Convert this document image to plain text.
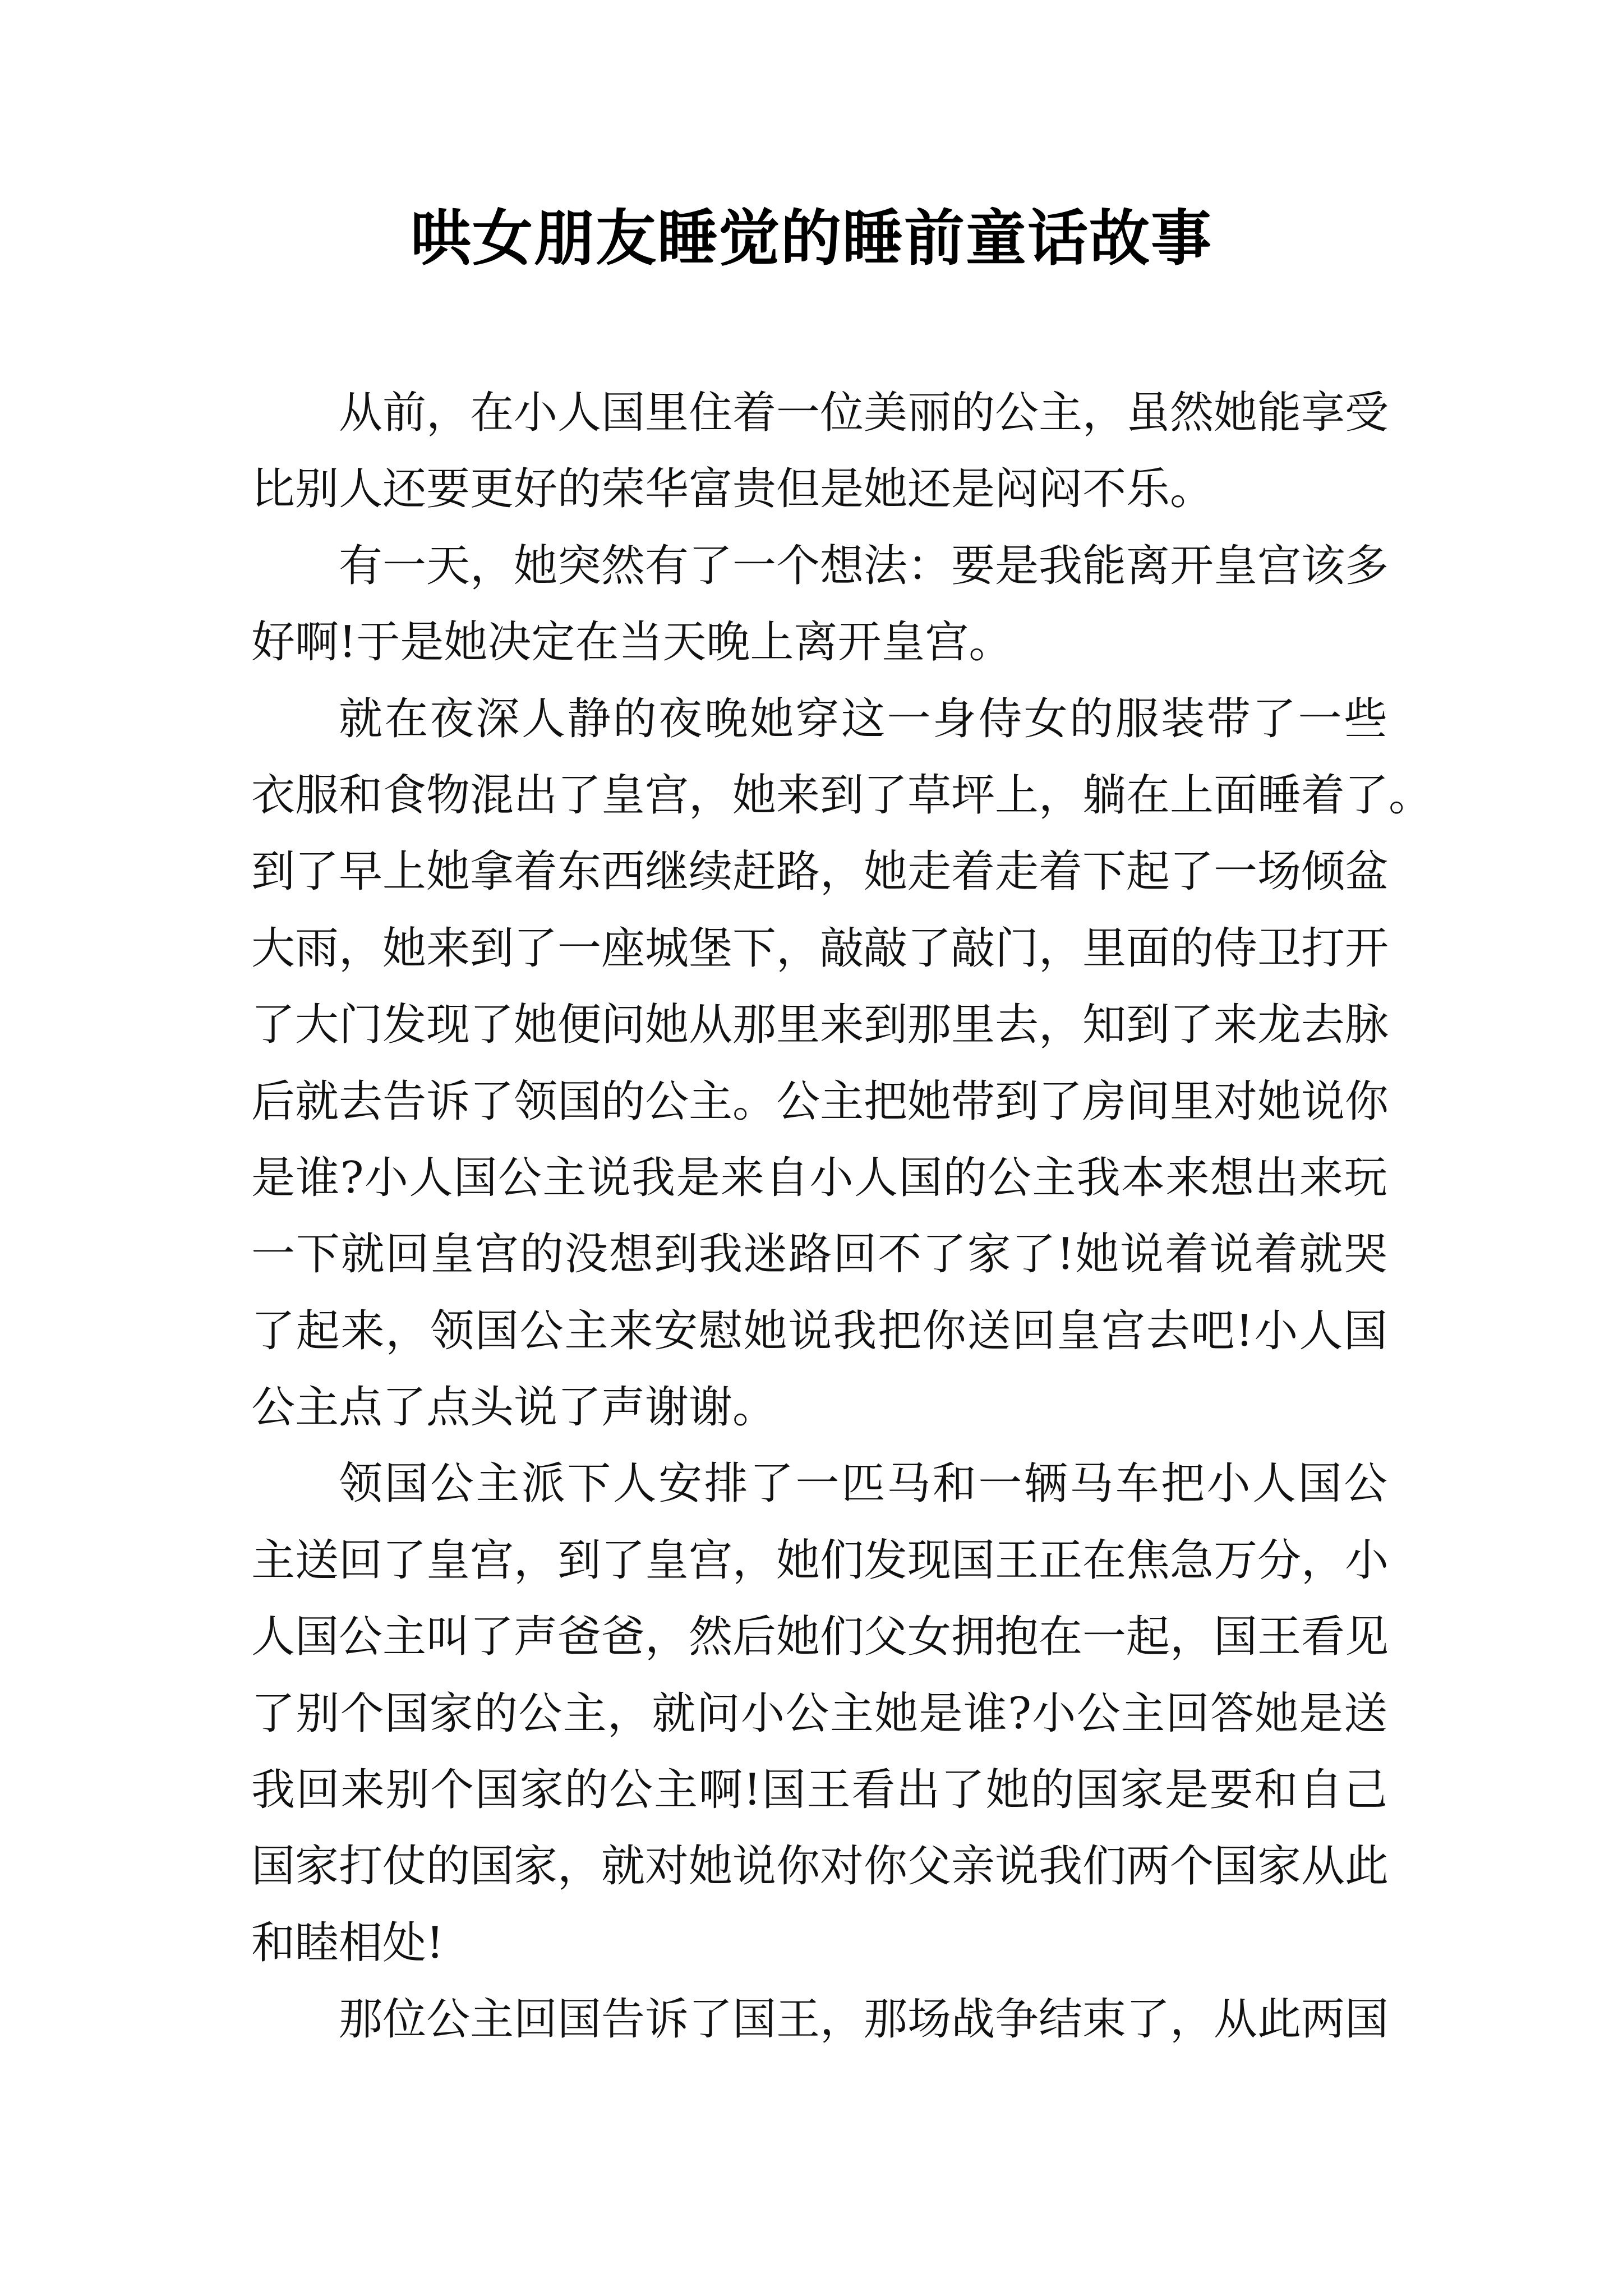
哄女朋友睡觉的睡前童话故事
从前，在小人国里住着一位美丽的公主，虽然她能享受
比别人还要更好的荣华富贵但是她还是闷闷不乐。
有一天，她突然有了一个想法：要是我能离开皇宫该多
好啊!于是她决定在当天晚上离开皇宫。
就在夜深人静的夜晚她穿这一身侍女的服装带了一些
衣服和食物混出了皇宫，她来到了草坪上，躺在上面睡着了。
到了早上她拿着东西继续赶路，她走着走着下起了一场倾盆
大雨，她来到了一座城堡下，敲敲了敲门，里面的侍卫打开
了大门发现了她便问她从那里来到那里去，知到了来龙去脉
后就去告诉了领国的公主。公主把她带到了房间里对她说你
是谁?小人国公主说我是来自小人国的公主我本来想出来玩
一下就回皇宫的没想到我迷路回不了家了!她说着说着就哭
了起来，领国公主来安慰她说我把你送回皇宫去吧!小人国
公主点了点头说了声谢谢。
领国公主派下人安排了一匹马和一辆马车把小人国公
主送回了皇宫，到了皇宫，她们发现国王正在焦急万分，小
人国公主叫了声爸爸，然后她们父女拥抱在一起，国王看见
了别个国家的公主，就问小公主她是谁?小公主回答她是送
我回来别个国家的公主啊!国王看出了她的国家是要和自己
国家打仗的国家，就对她说你对你父亲说我们两个国家从此
和睦相处!
那位公主回国告诉了国王，那场战争结束了，从此两国
